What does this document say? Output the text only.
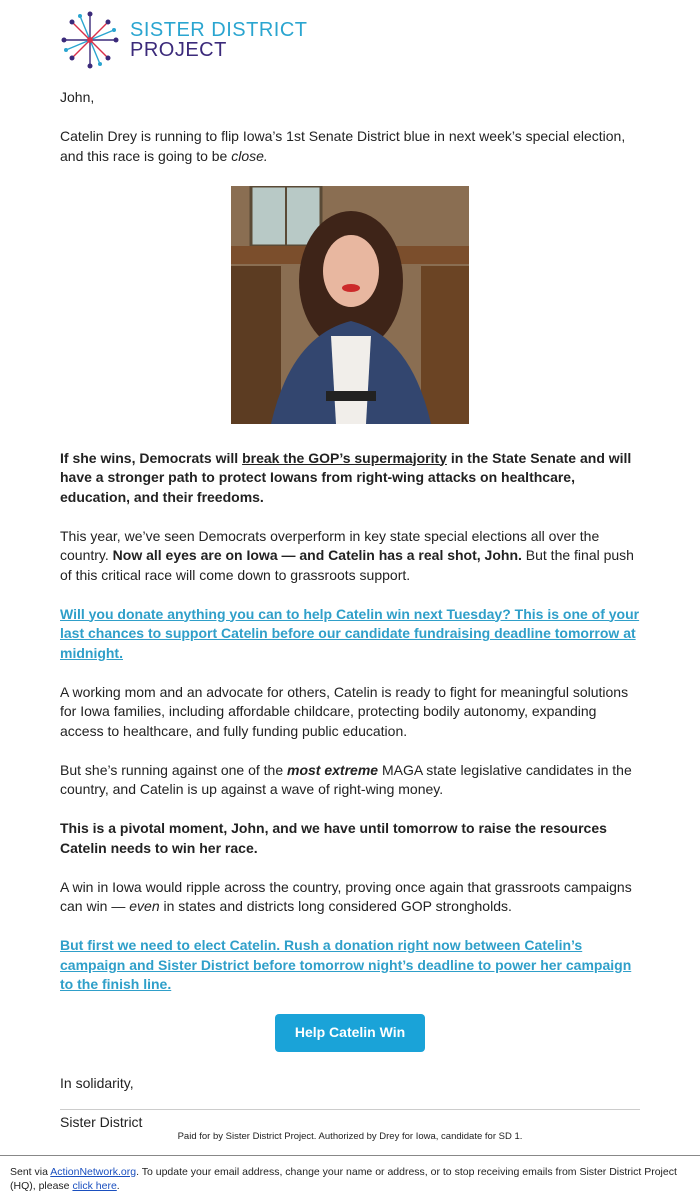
SISTER DISTRICT
PROJECT

John,

Catelin Drey is running to flip Iowa’s 1st Senate District blue in next week’s special election, and this race is going to be close.

If she wins, Democrats will break the GOP’s supermajority in the State Senate and will have a stronger path to protect Iowans from right-wing attacks on healthcare, education, and their freedoms.

This year, we’ve seen Democrats overperform in key state special elections all over the country. Now all eyes are on Iowa — and Catelin has a real shot, John. But the final push of this critical race will come down to grassroots support.

Will you donate anything you can to help Catelin win next Tuesday? This is one of your last chances to support Catelin before our candidate fundraising deadline tomorrow at midnight.

A working mom and an advocate for others, Catelin is ready to fight for meaningful solutions for Iowa families, including affordable childcare, protecting bodily autonomy, expanding access to healthcare, and fully funding public education.

But she’s running against one of the most extreme MAGA state legislative candidates in the country, and Catelin is up against a wave of right-wing money.

This is a pivotal moment, John, and we have until tomorrow to raise the resources Catelin needs to win her race.

A win in Iowa would ripple across the country, proving once again that grassroots campaigns can win — even in states and districts long considered GOP strongholds.

But first we need to elect Catelin. Rush a donation right now between Catelin’s campaign and Sister District before tomorrow night’s deadline to power her campaign to the finish line.

Help Catelin Win

In solidarity,

Sister District

Paid for by Sister District Project. Authorized by Drey for Iowa, candidate for SD 1.
Sent via ActionNetwork.org. To update your email address, change your name or address, or to stop receiving emails from Sister District Project (HQ), please click here.
